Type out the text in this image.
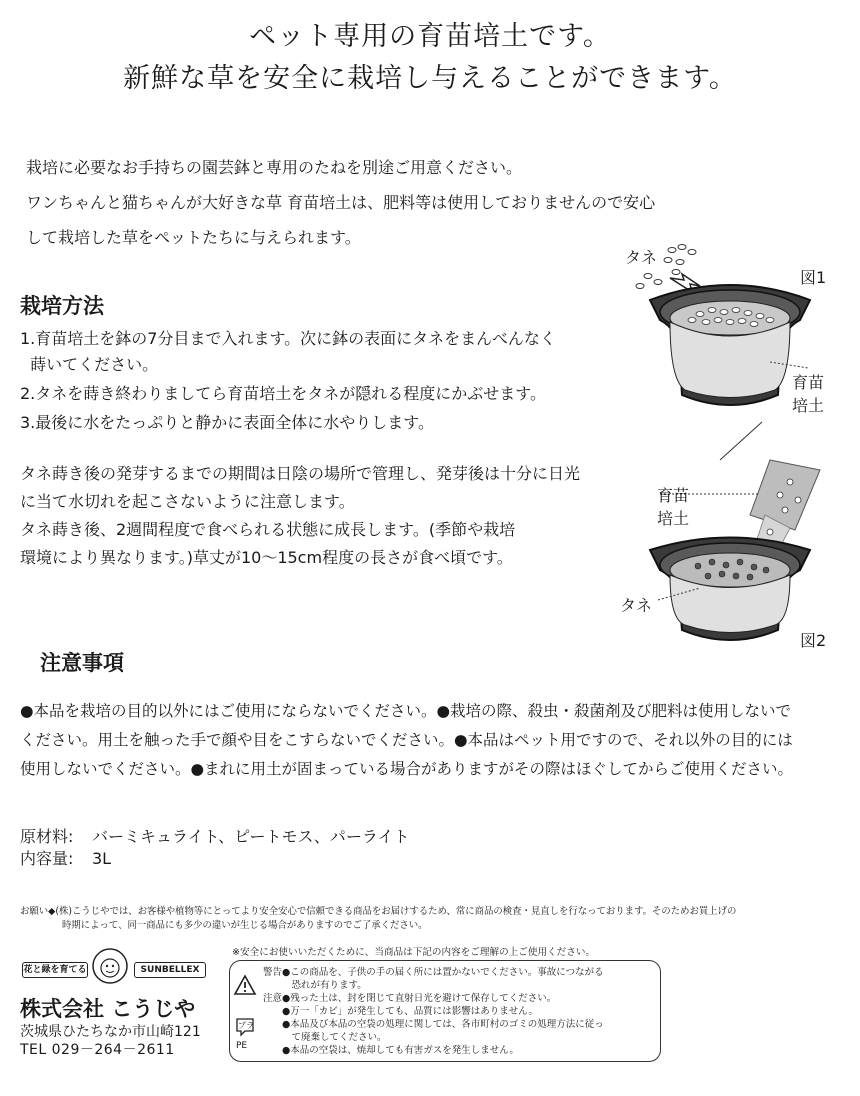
ペット専用の育苗培土です。
新鮮な草を安全に栽培し与えることができます。
栽培に必要なお手持ちの園芸鉢と専用のたねを別途ご用意ください。
ワンちゃんと猫ちゃんが大好きな草 育苗培土は、肥料等は使用しておりませんので安心
して栽培した草をペットたちに与えられます。
栽培方法
1.育苗培土を鉢の7分目まで入れます。次に鉢の表面にタネをまんべんなく
蒔いてください。
2.タネを蒔き終わりましてら育苗培土をタネが隠れる程度にかぶせます。
3.最後に水をたっぷりと静かに表面全体に水やりします。
タネ蒔き後の発芽するまでの期間は日陰の場所で管理し、発芽後は十分に日光
に当て水切れを起こさないように注意します。
タネ蒔き後、2週間程度で食べられる状態に成長します。(季節や栽培
環境により異なります。)草丈が10～15cm程度の長さが食べ頃です。
タネ
図1
育苗
培土
育苗
培土
タネ
図2
注意事項
●本品を栽培の目的以外にはご使用にならないでください。●栽培の際、殺虫・殺菌剤及び肥料は使用しないで
ください。用土を触った手で顔や目をこすらないでください。●本品はペット用ですので、それ以外の目的には
使用しないでください。●まれに用土が固まっている場合がありますがその際はほぐしてからご使用ください。
原材料: バーミキュライト、ピートモス、パーライト
内容量: 3L
お願い◆(株)こうじやでは、お客様や植物等にとってより安全安心で信頼できる商品をお届けするため、常に商品の検査・見直しを行なっております。そのためお買上げの
時期によって、同一商品にも多少の違いが生じる場合がありますのでご了承ください。
花と緑を育てる	SUNBELLEX
株式会社 こうじや
茨城県ひたちなか市山崎121
TEL 029－264－2611
※安全にお使いいただくために、当商品は下記の内容をご理解の上ご使用ください。
プラ
PE
警告●この商品を、子供の手の届く所には置かないでください。事故につながる
　　　恐れが有ります。
注意●残った土は、封を閉じて直射日光を避けて保存してください。
　　●万一「カビ」が発生しても、品質には影響はありません。
　　●本品及び本品の空袋の処理に関しては、各市町村のゴミの処理方法に従っ
　　　て廃棄してください。
　　●本品の空袋は、焼却しても有害ガスを発生しません。
